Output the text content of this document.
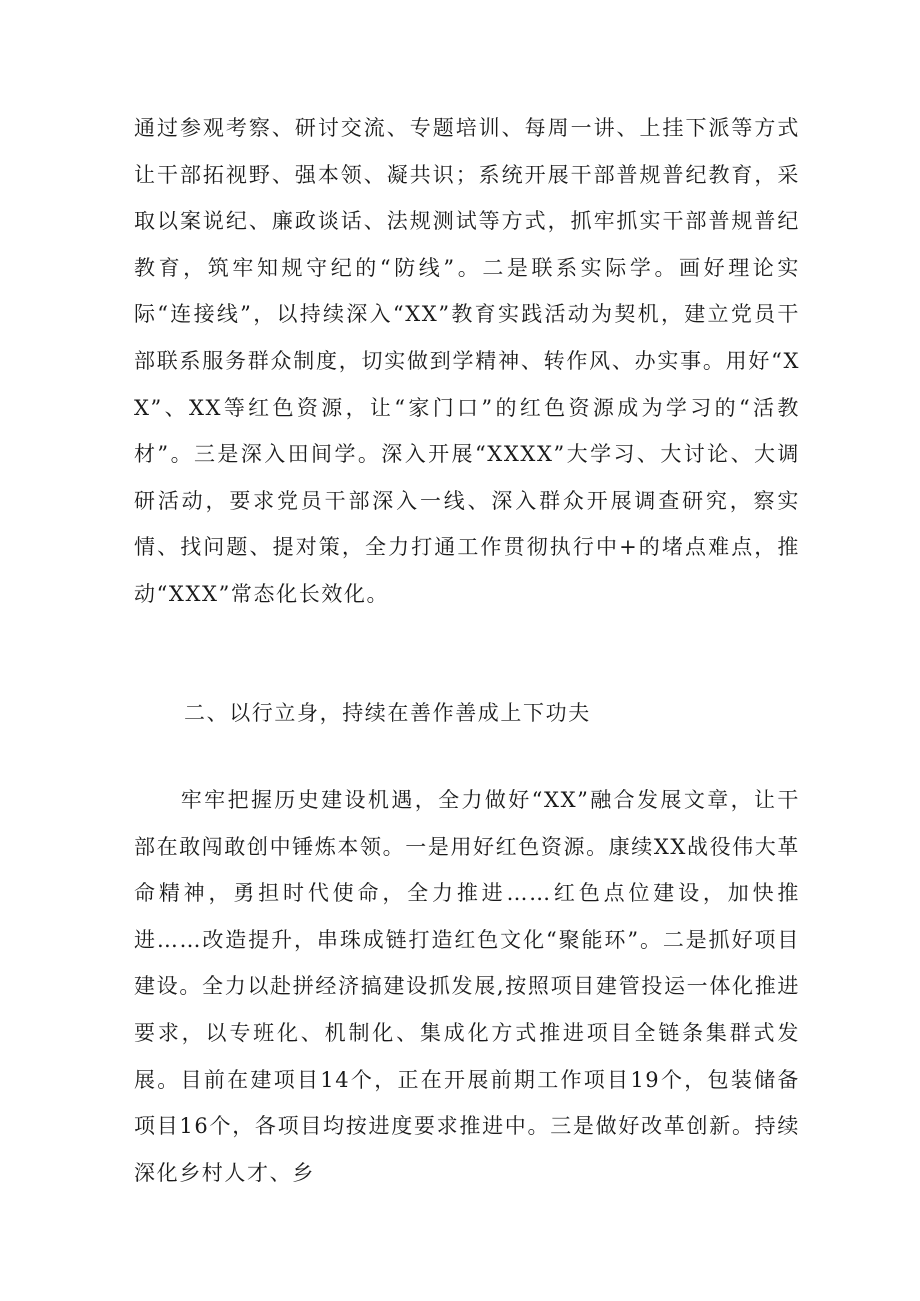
通过参观考察、研讨交流、专题培训、每周一讲、上挂下派等方式让干部拓视野、强本领、凝共识；系统开展干部普规普纪教育，采取以案说纪、廉政谈话、法规测试等方式，抓牢抓实干部普规普纪教育，筑牢知规守纪的“防线”。二是联系实际学。画好理论实际“连接线”，以持续深入“XX”教育实践活动为契机，建立党员干部联系服务群众制度，切实做到学精神、转作风、办实事。用好“XX”、XX等红色资源，让“家门口”的红色资源成为学习的“活教材”。三是深入田间学。深入开展“XXXX”大学习、大讨论、大调研活动，要求党员干部深入一线、深入群众开展调查研究，察实情、找问题、提对策，全力打通工作贯彻执行中+的堵点难点，推动“XXX”常态化长效化。

二、以行立身，持续在善作善成上下功夫

　　牢牢把握历史建设机遇，全力做好“XX”融合发展文章，让干部在敢闯敢创中锤炼本领。一是用好红色资源。康续XX战役伟大革命精神，勇担时代使命，全力推进……红色点位建设，加快推进……改造提升，串珠成链打造红色文化“聚能环”。二是抓好项目建设。全力以赴拼经济搞建设抓发展,按照项目建管投运一体化推进要求，以专班化、机制化、集成化方式推进项目全链条集群式发展。目前在建项目14个，正在开展前期工作项目19个，包装储备项目16个，各项目均按进度要求推进中。三是做好改革创新。持续深化乡村人才、乡
